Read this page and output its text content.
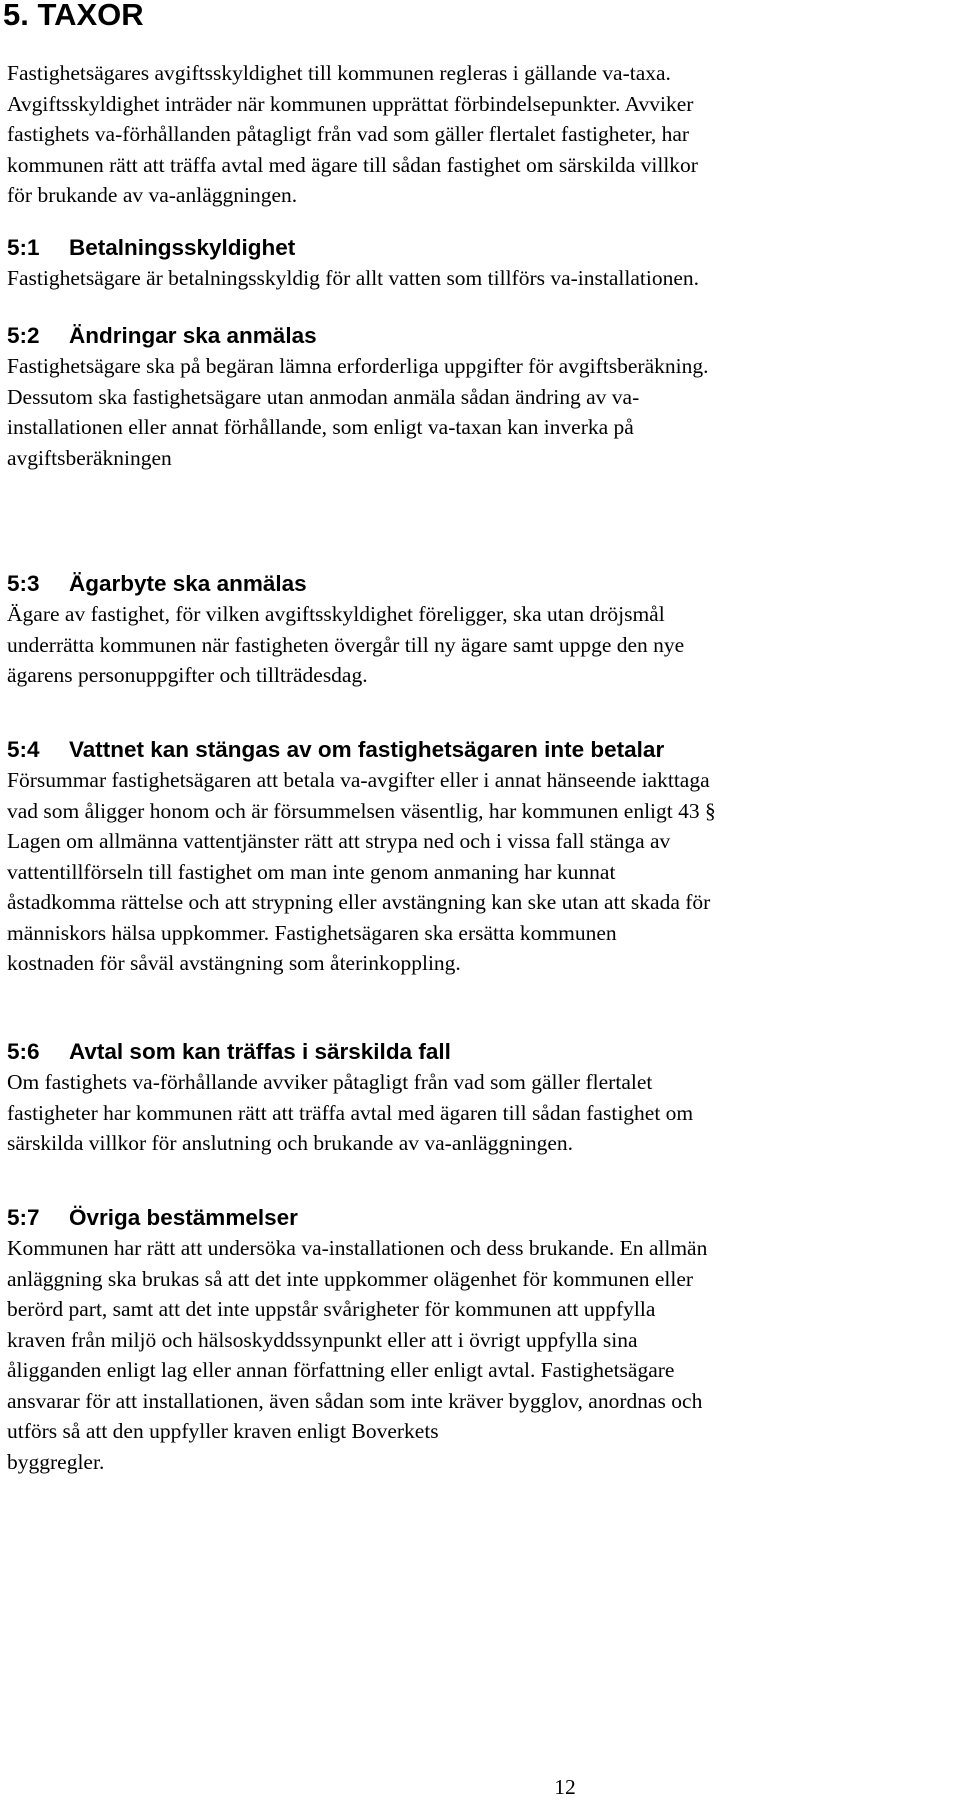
5. TAXOR

Fastighetsägares avgiftsskyldighet till kommunen regleras i gällande va-taxa.
Avgiftsskyldighet inträder när kommunen upprättat förbindelsepunkter. Avviker
fastighets va-förhållanden påtagligt från vad som gäller flertalet fastigheter, har
kommunen rätt att träffa avtal med ägare till sådan fastighet om särskilda villkor
för brukande av va-anläggningen.

5:1 Betalningsskyldighet

Fastighetsägare är betalningsskyldig för allt vatten som tillförs va-installationen.

5:2 Ändringar ska anmälas

Fastighetsägare ska på begäran lämna erforderliga uppgifter för avgiftsberäkning.
Dessutom ska fastighetsägare utan anmodan anmäla sådan ändring av va-
installationen eller annat förhållande, som enligt va-taxan kan inverka på
avgiftsberäkningen

5:3 Ägarbyte ska anmälas

Ägare av fastighet, för vilken avgiftsskyldighet föreligger, ska utan dröjsmål
underrätta kommunen när fastigheten övergår till ny ägare samt uppge den nye
ägarens personuppgifter och tillträdesdag.

5:4 Vattnet kan stängas av om fastighetsägaren inte betalar

Försummar fastighetsägaren att betala va-avgifter eller i annat hänseende iakttaga
vad som åligger honom och är försummelsen väsentlig, har kommunen enligt 43 §
Lagen om allmänna vattentjänster rätt att strypa ned och i vissa fall stänga av
vattentillförseln till fastighet om man inte genom anmaning har kunnat
åstadkomma rättelse och att strypning eller avstängning kan ske utan att skada för
människors hälsa uppkommer. Fastighetsägaren ska ersätta kommunen
kostnaden för såväl avstängning som återinkoppling.

5:6 Avtal som kan träffas i särskilda fall

Om fastighets va-förhållande avviker påtagligt från vad som gäller flertalet
fastigheter har kommunen rätt att träffa avtal med ägaren till sådan fastighet om
särskilda villkor för anslutning och brukande av va-anläggningen.

5:7 Övriga bestämmelser

Kommunen har rätt att undersöka va-installationen och dess brukande. En allmän
anläggning ska brukas så att det inte uppkommer olägenhet för kommunen eller
berörd part, samt att det inte uppstår svårigheter för kommunen att uppfylla
kraven från miljö och hälsoskyddssynpunkt eller att i övrigt uppfylla sina
åligganden enligt lag eller annan författning eller enligt avtal. Fastighetsägare
ansvarar för att installationen, även sådan som inte kräver bygglov, anordnas och
utförs så att den uppfyller kraven enligt Boverkets
byggregler.

12
